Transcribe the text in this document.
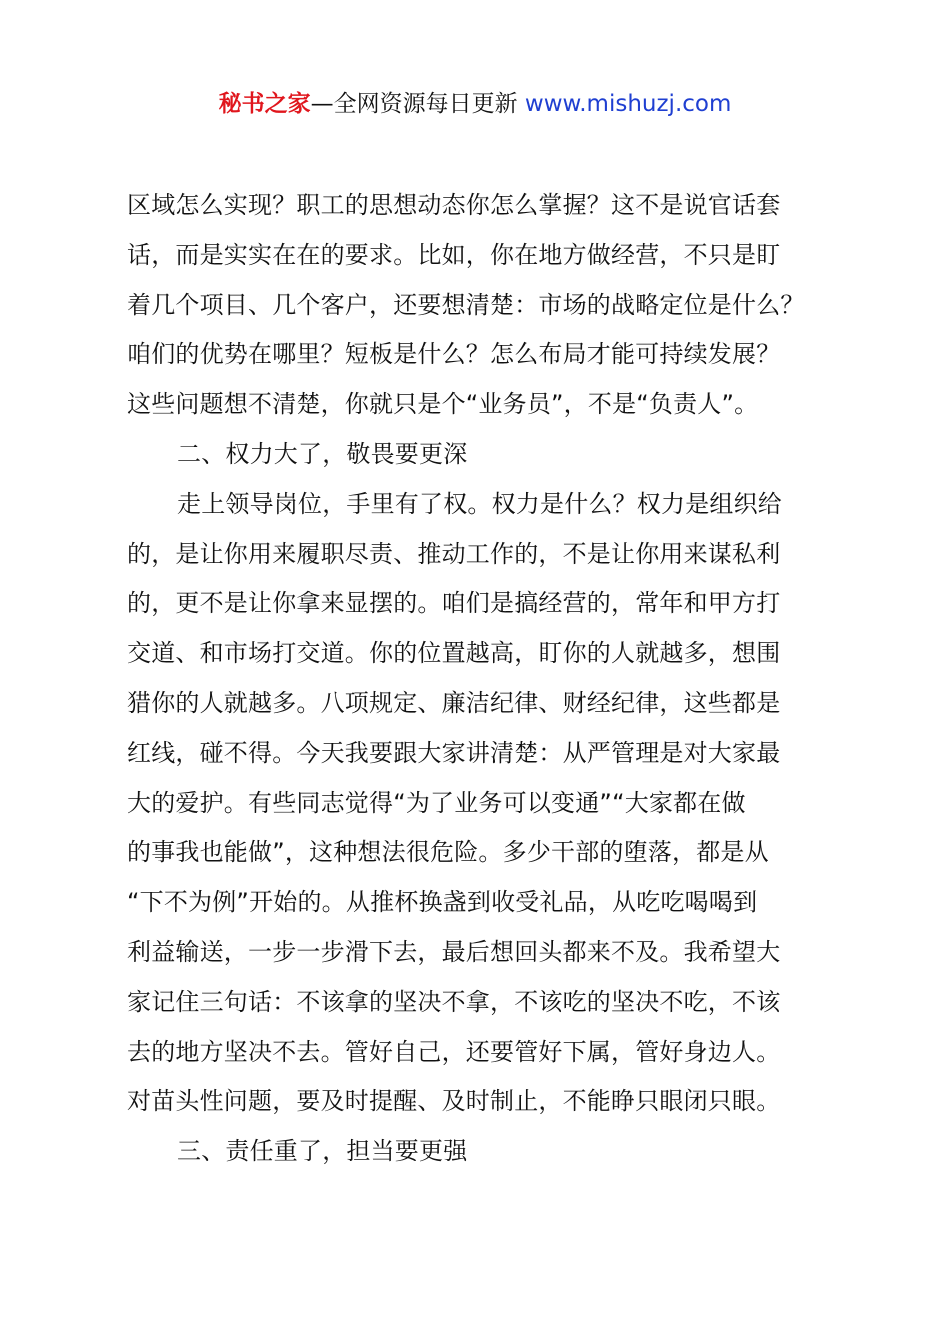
秘书之家—全网资源每日更新 www.mishuzj.com
区域怎么实现？职工的思想动态你怎么掌握？这不是说官话套
话，而是实实在在的要求。比如，你在地方做经营，不只是盯
着几个项目、几个客户，还要想清楚：市场的战略定位是什么？
咱们的优势在哪里？短板是什么？怎么布局才能可持续发展？
这些问题想不清楚，你就只是个“业务员”，不是“负责人”。
二、权力大了，敬畏要更深
走上领导岗位，手里有了权。权力是什么？权力是组织给
的，是让你用来履职尽责、推动工作的，不是让你用来谋私利
的，更不是让你拿来显摆的。咱们是搞经营的，常年和甲方打
交道、和市场打交道。你的位置越高，盯你的人就越多，想围
猎你的人就越多。八项规定、廉洁纪律、财经纪律，这些都是
红线，碰不得。今天我要跟大家讲清楚：从严管理是对大家最
大的爱护。有些同志觉得“为了业务可以变通”“大家都在做
的事我也能做”，这种想法很危险。多少干部的堕落，都是从
“下不为例”开始的。从推杯换盏到收受礼品，从吃吃喝喝到
利益输送，一步一步滑下去，最后想回头都来不及。我希望大
家记住三句话：不该拿的坚决不拿，不该吃的坚决不吃，不该
去的地方坚决不去。管好自己，还要管好下属，管好身边人。
对苗头性问题，要及时提醒、及时制止，不能睁只眼闭只眼。
三、责任重了，担当要更强
